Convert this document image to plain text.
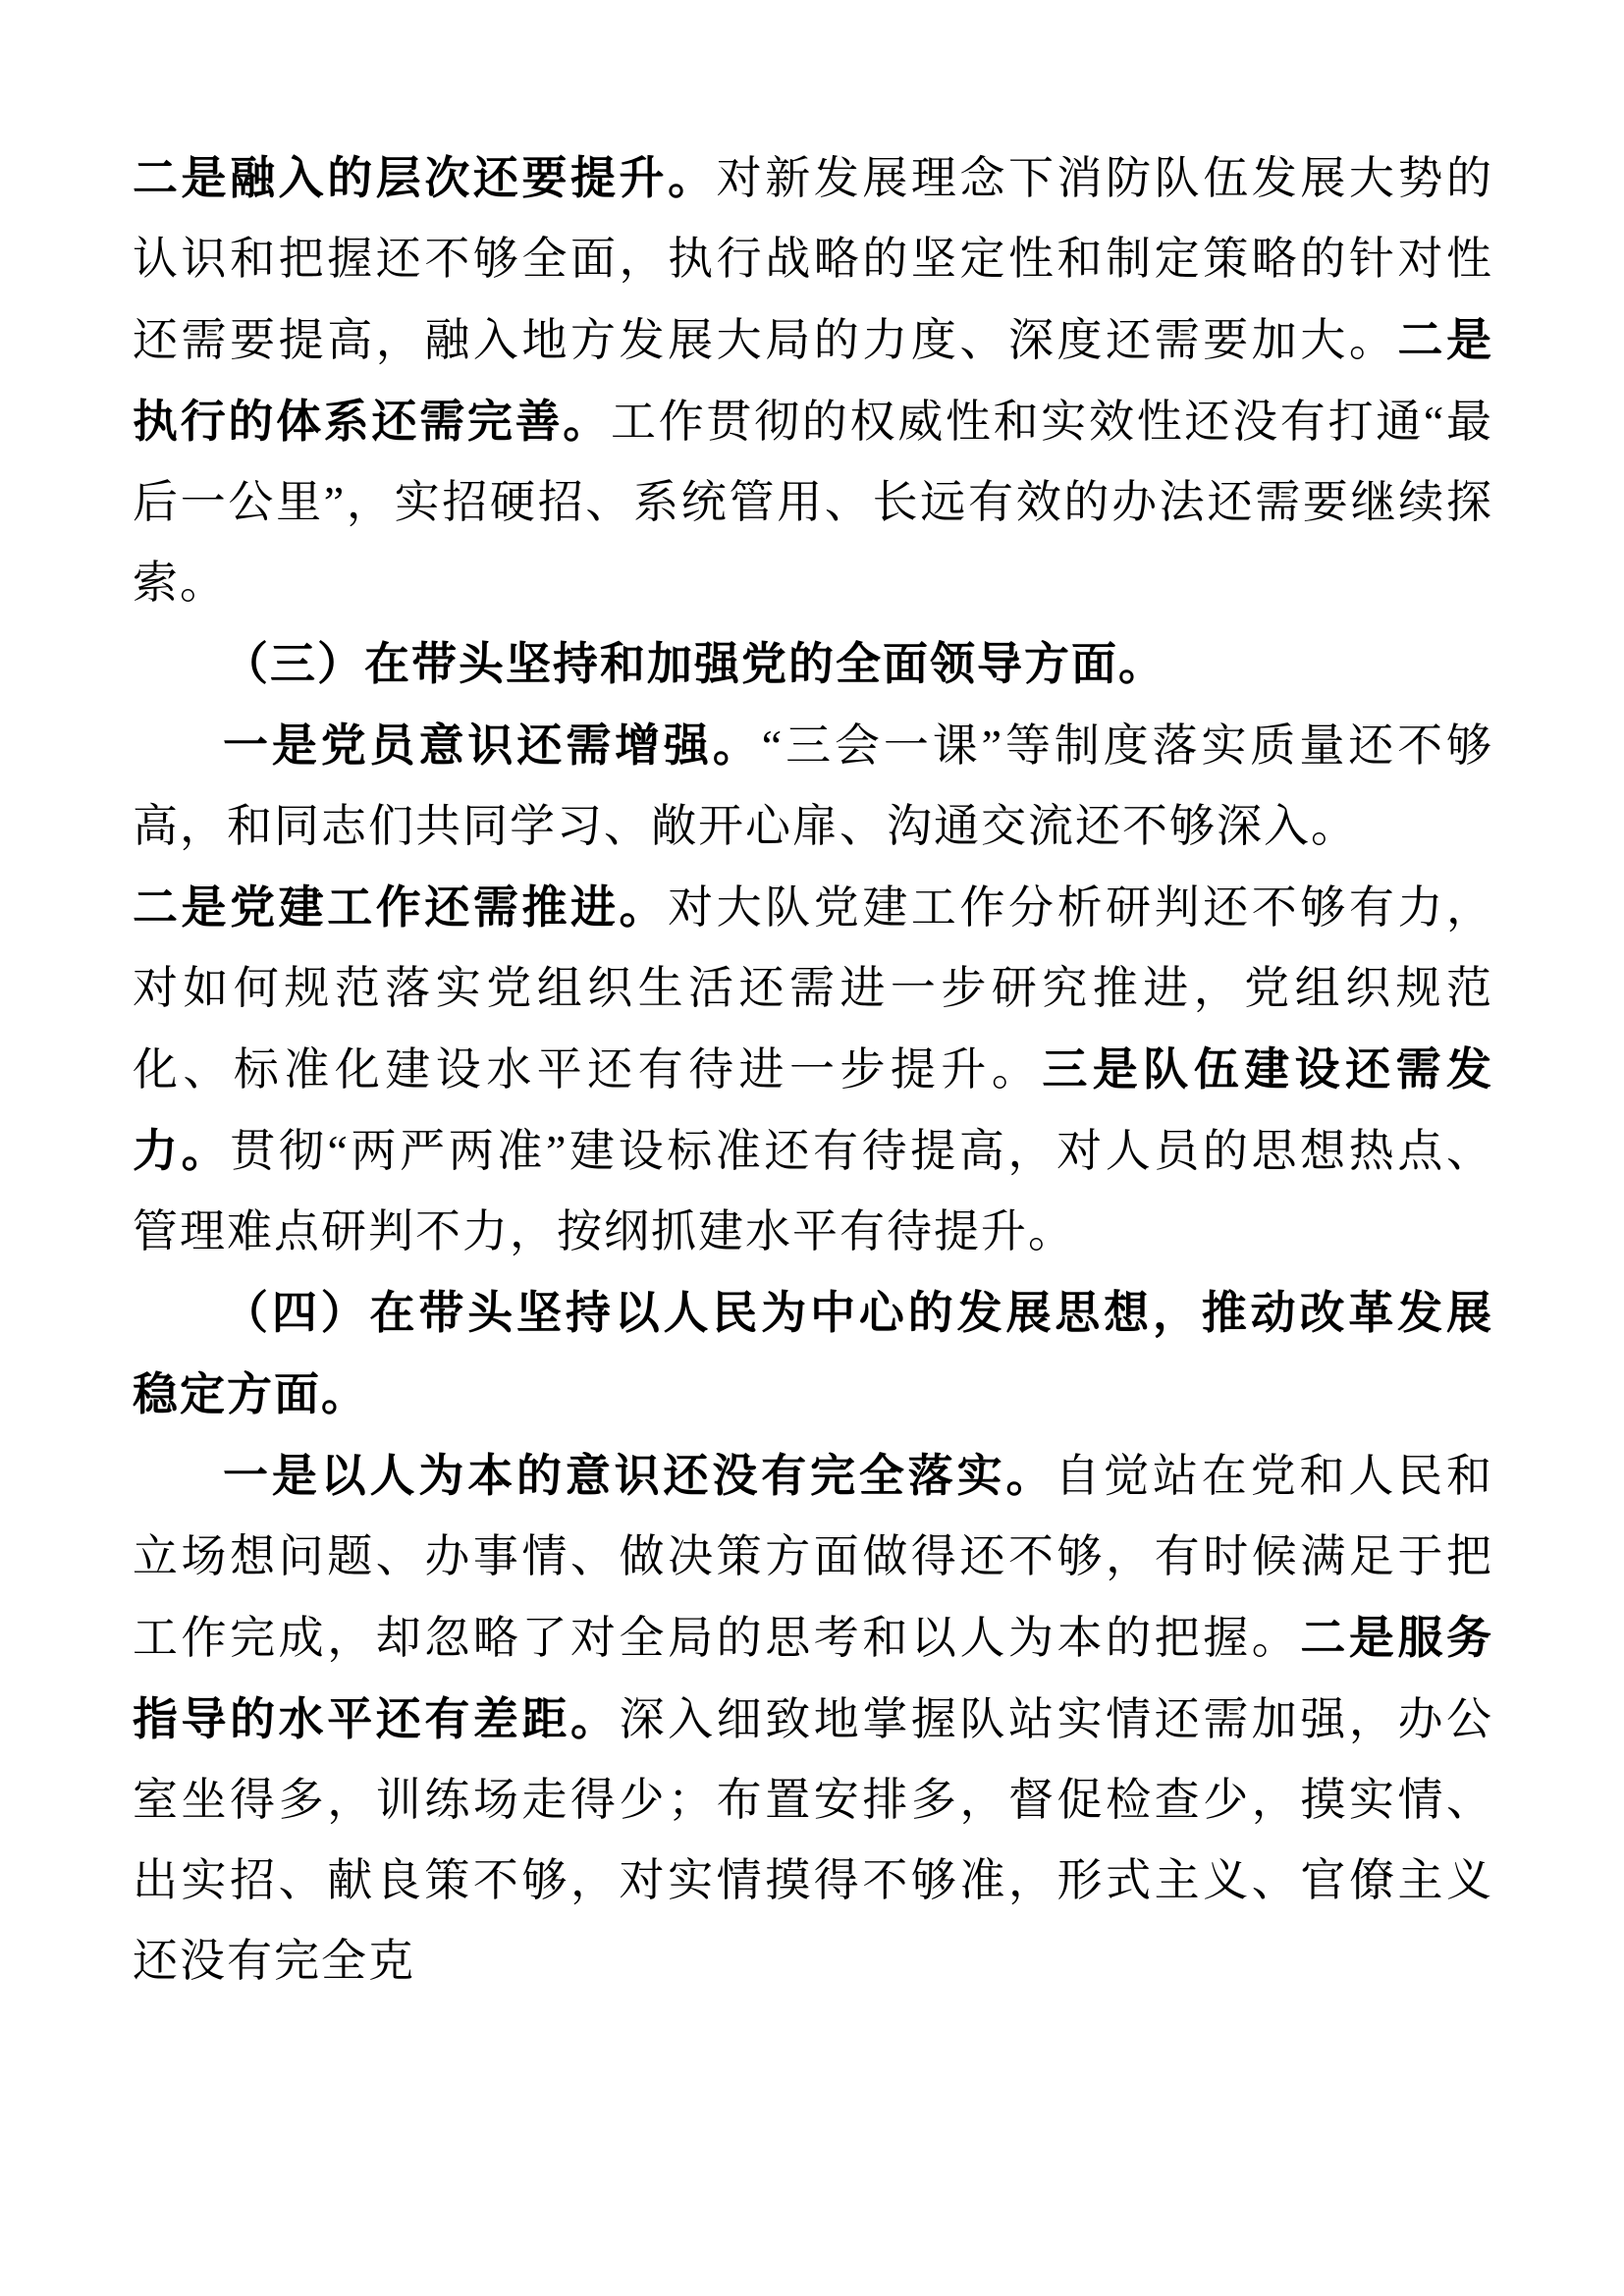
二是融入的层次还要提升。对新发展理念下消防队伍发展大势的认识和把握还不够全面，执行战略的坚定性和制定策略的针对性还需要提高，融入地方发展大局的力度、深度还需要加大。二是执行的体系还需完善。工作贯彻的权威性和实效性还没有打通“最后一公里”，实招硬招、系统管用、长远有效的办法还需要继续探索。

（三）在带头坚持和加强党的全面领导方面。

一是党员意识还需增强。“三会一课”等制度落实质量还不够高，和同志们共同学习、敞开心扉、沟通交流还不够深入。

二是党建工作还需推进。对大队党建工作分析研判还不够有力，对如何规范落实党组织生活还需进一步研究推进，党组织规范化、标准化建设水平还有待进一步提升。三是队伍建设还需发力。贯彻“两严两准”建设标准还有待提高，对人员的思想热点、管理难点研判不力，按纲抓建水平有待提升。

（四）在带头坚持以人民为中心的发展思想，推动改革发展稳定方面。

一是以人为本的意识还没有完全落实。自觉站在党和人民和立场想问题、办事情、做决策方面做得还不够，有时候满足于把工作完成，却忽略了对全局的思考和以人为本的把握。二是服务指导的水平还有差距。深入细致地掌握队站实情还需加强，办公室坐得多，训练场走得少；布置安排多，督促检查少，摸实情、出实招、献良策不够，对实情摸得不够准，形式主义、官僚主义还没有完全克
